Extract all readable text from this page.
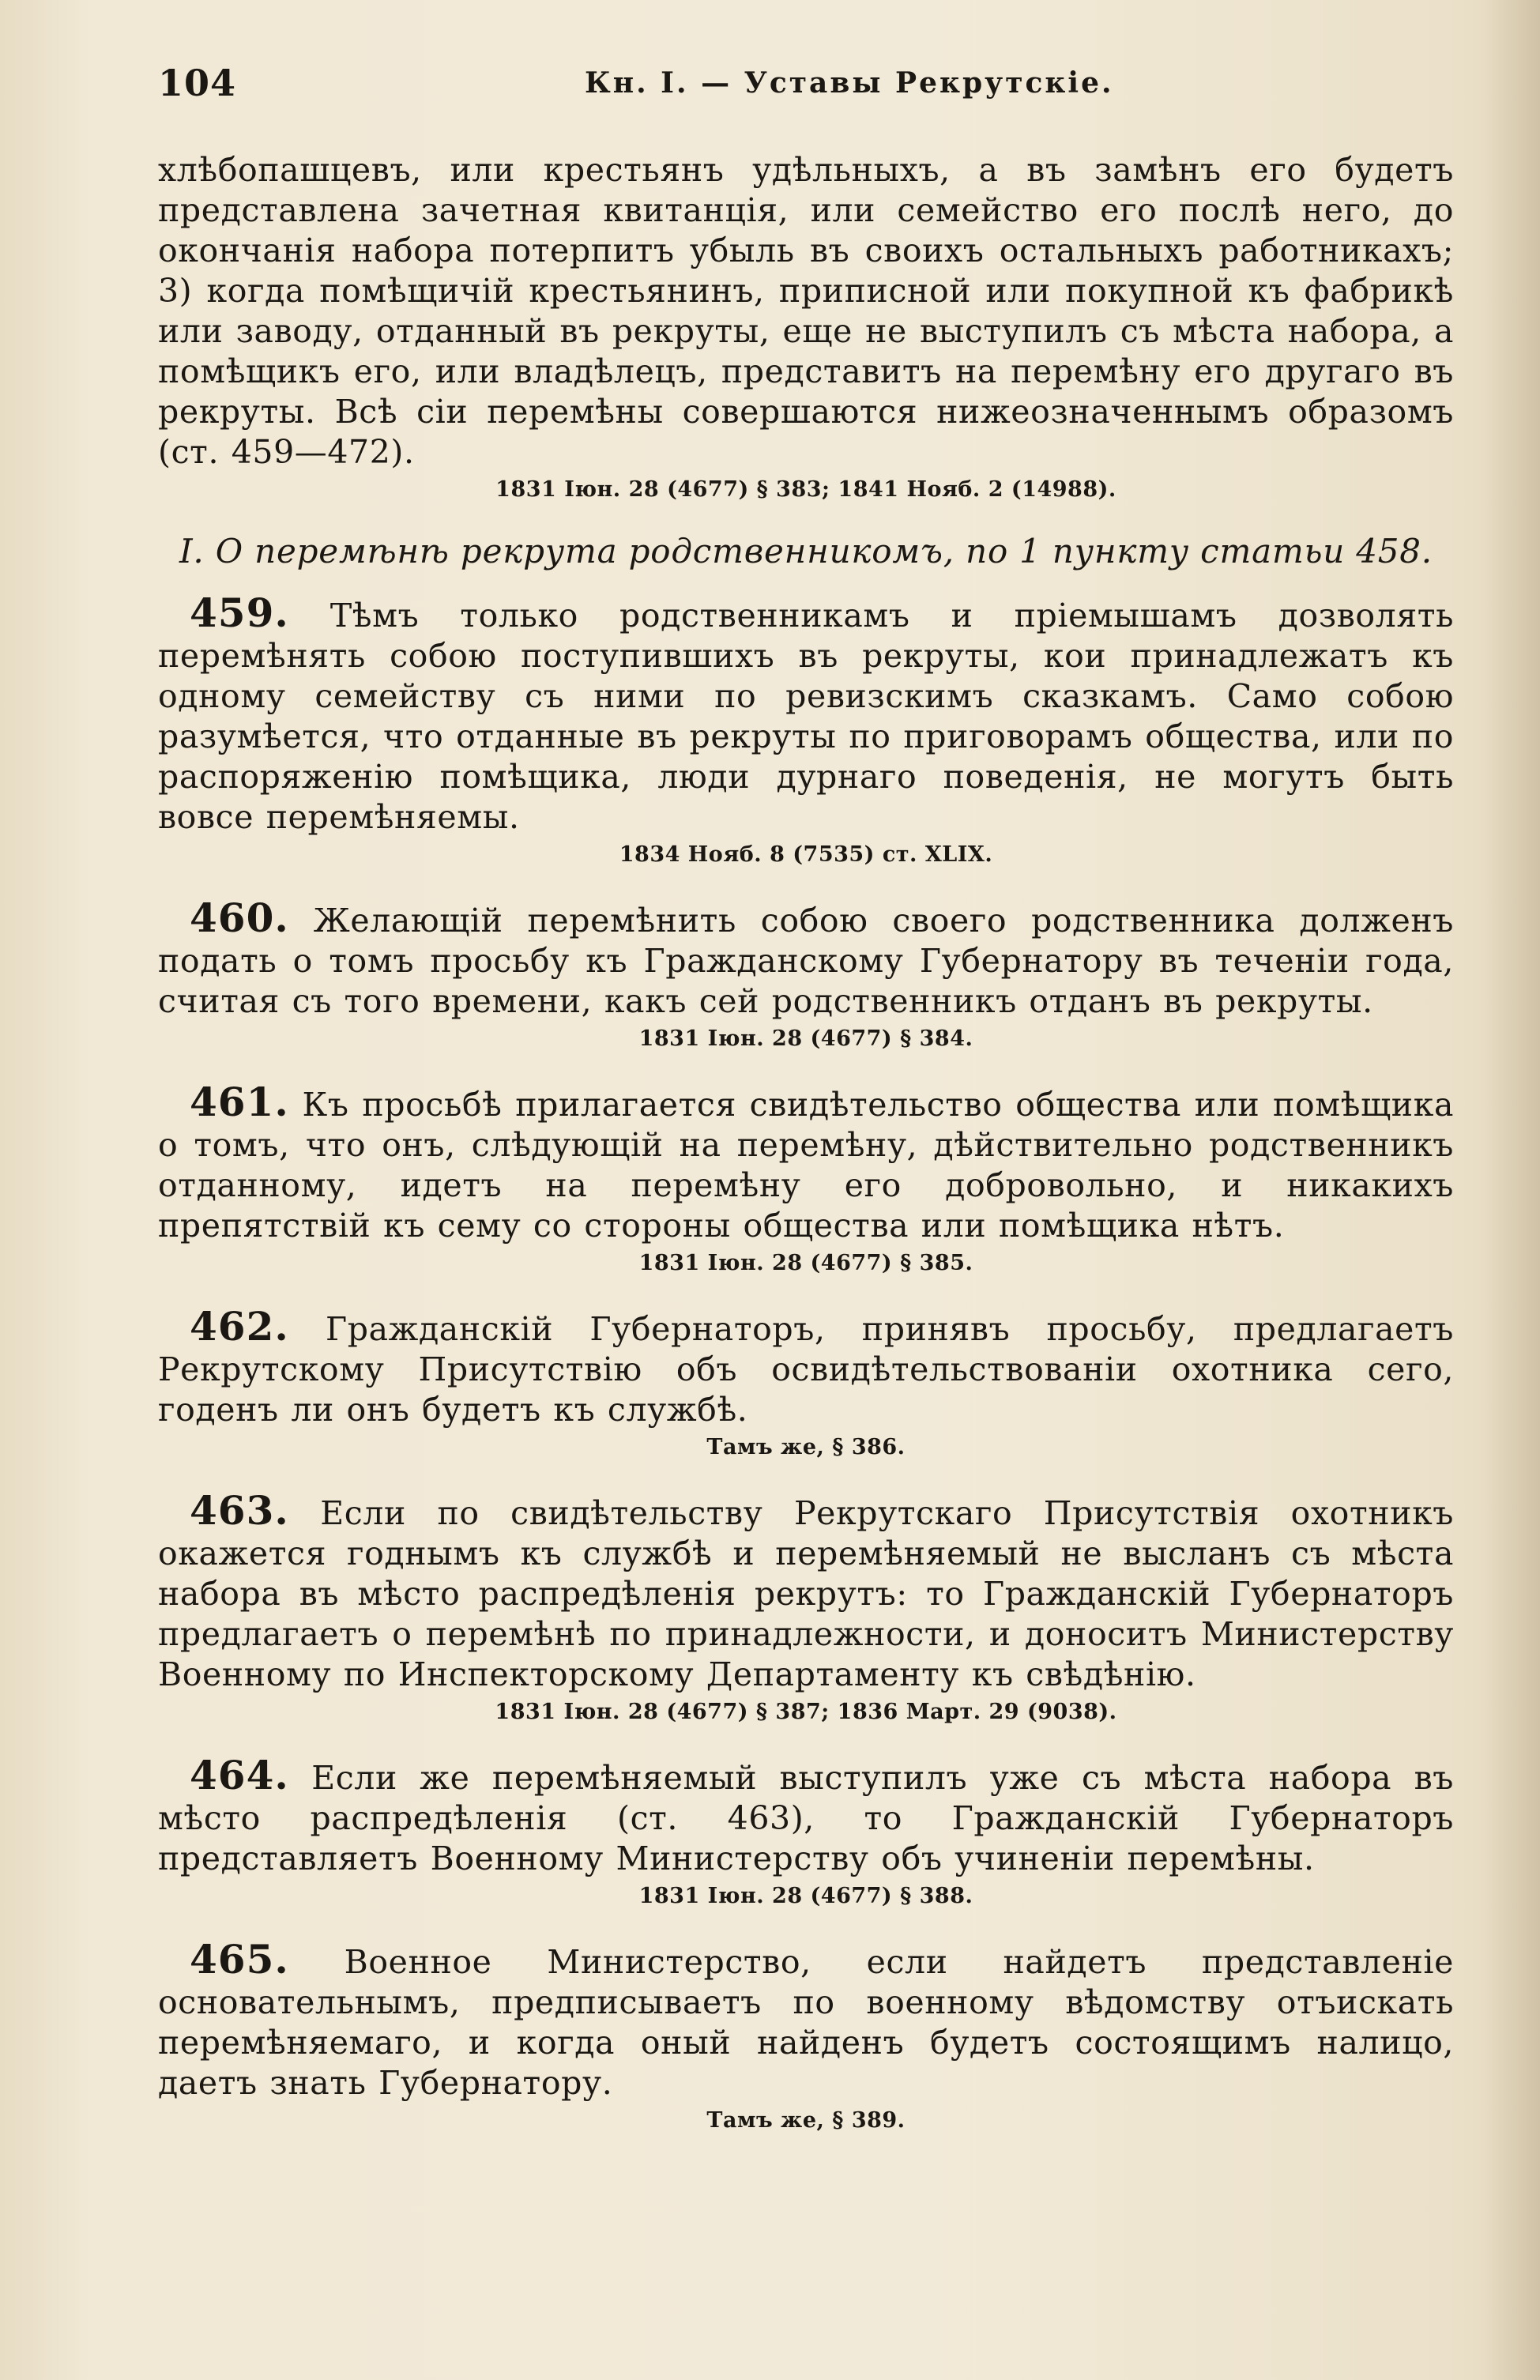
104	Кн. I. — Уставы Рекрутскiе.

хлѣбопашцевъ, или крестьянъ удѣльныхъ, а въ замѣнъ его будетъ представлена зачетная квитанція, или семейство его послѣ него, до окончанія набора потерпитъ убыль въ своихъ остальныхъ работникахъ; 3) когда помѣщичій крестьянинъ, приписной или покупной къ фабрикѣ или заводу, отданный въ рекруты, еще не выступилъ съ мѣста набора, а помѣщикъ его, или владѣлецъ, представитъ на перемѣну его другаго въ рекруты. Всѣ сіи перемѣны совершаются нижеозначеннымъ образомъ (ст. 459—472).

1831 Іюн. 28 (4677) § 383; 1841 Нояб. 2 (14988).
I. О перемѣнѣ рекрута родственникомъ, по 1 пункту статьи 458.

459. Тѣмъ только родственникамъ и пріемышамъ дозволять перемѣнять собою поступившихъ въ рекруты, кои принадлежатъ къ одному семейству съ ними по ревизскимъ сказкамъ. Само собою разумѣется, что отданные въ рекруты по приговорамъ общества, или по распоряженію помѣщика, люди дурнаго поведенія, не могутъ быть вовсе перемѣняемы.

1834 Нояб. 8 (7535) ст. XLIX.

460. Желающій перемѣнить собою своего родственника долженъ подать о томъ просьбу къ Гражданскому Губернатору въ теченіи года, считая съ того времени, какъ сей родственникъ отданъ въ рекруты.

1831 Іюн. 28 (4677) § 384.

461. Къ просьбѣ прилагается свидѣтельство общества или помѣщика о томъ, что онъ, слѣдующій на перемѣну, дѣйствительно родственникъ отданному, идетъ на перемѣну его добровольно, и никакихъ препятствій къ сему со стороны общества или помѣщика нѣтъ.

1831 Іюн. 28 (4677) § 385.

462. Гражданскій Губернаторъ, принявъ просьбу, предлагаетъ Рекрутскому Присутствію объ освидѣтельствованіи охотника сего, годенъ ли онъ будетъ къ службѣ.

Тамъ же, § 386.

463. Если по свидѣтельству Рекрутскаго Присутствія охотникъ окажется годнымъ къ службѣ и перемѣняемый не высланъ съ мѣста набора въ мѣсто распредѣленія рекрутъ: то Гражданскій Губернаторъ предлагаетъ о перемѣнѣ по принадлежности, и доноситъ Министерству Военному по Инспекторскому Департаменту къ свѣдѣнію.

1831 Іюн. 28 (4677) § 387; 1836 Март. 29 (9038).

464. Если же перемѣняемый выступилъ уже съ мѣста набора въ мѣсто распредѣленія (ст. 463), то Гражданскій Губернаторъ представляетъ Военному Министерству объ учиненіи перемѣны.

1831 Іюн. 28 (4677) § 388.

465. Военное Министерство, если найдетъ представленіе основательнымъ, предписываетъ по военному вѣдомству отъискать перемѣняемаго, и когда оный найденъ будетъ состоящимъ налицо, даетъ знать Губернатору.

Тамъ же, § 389.
